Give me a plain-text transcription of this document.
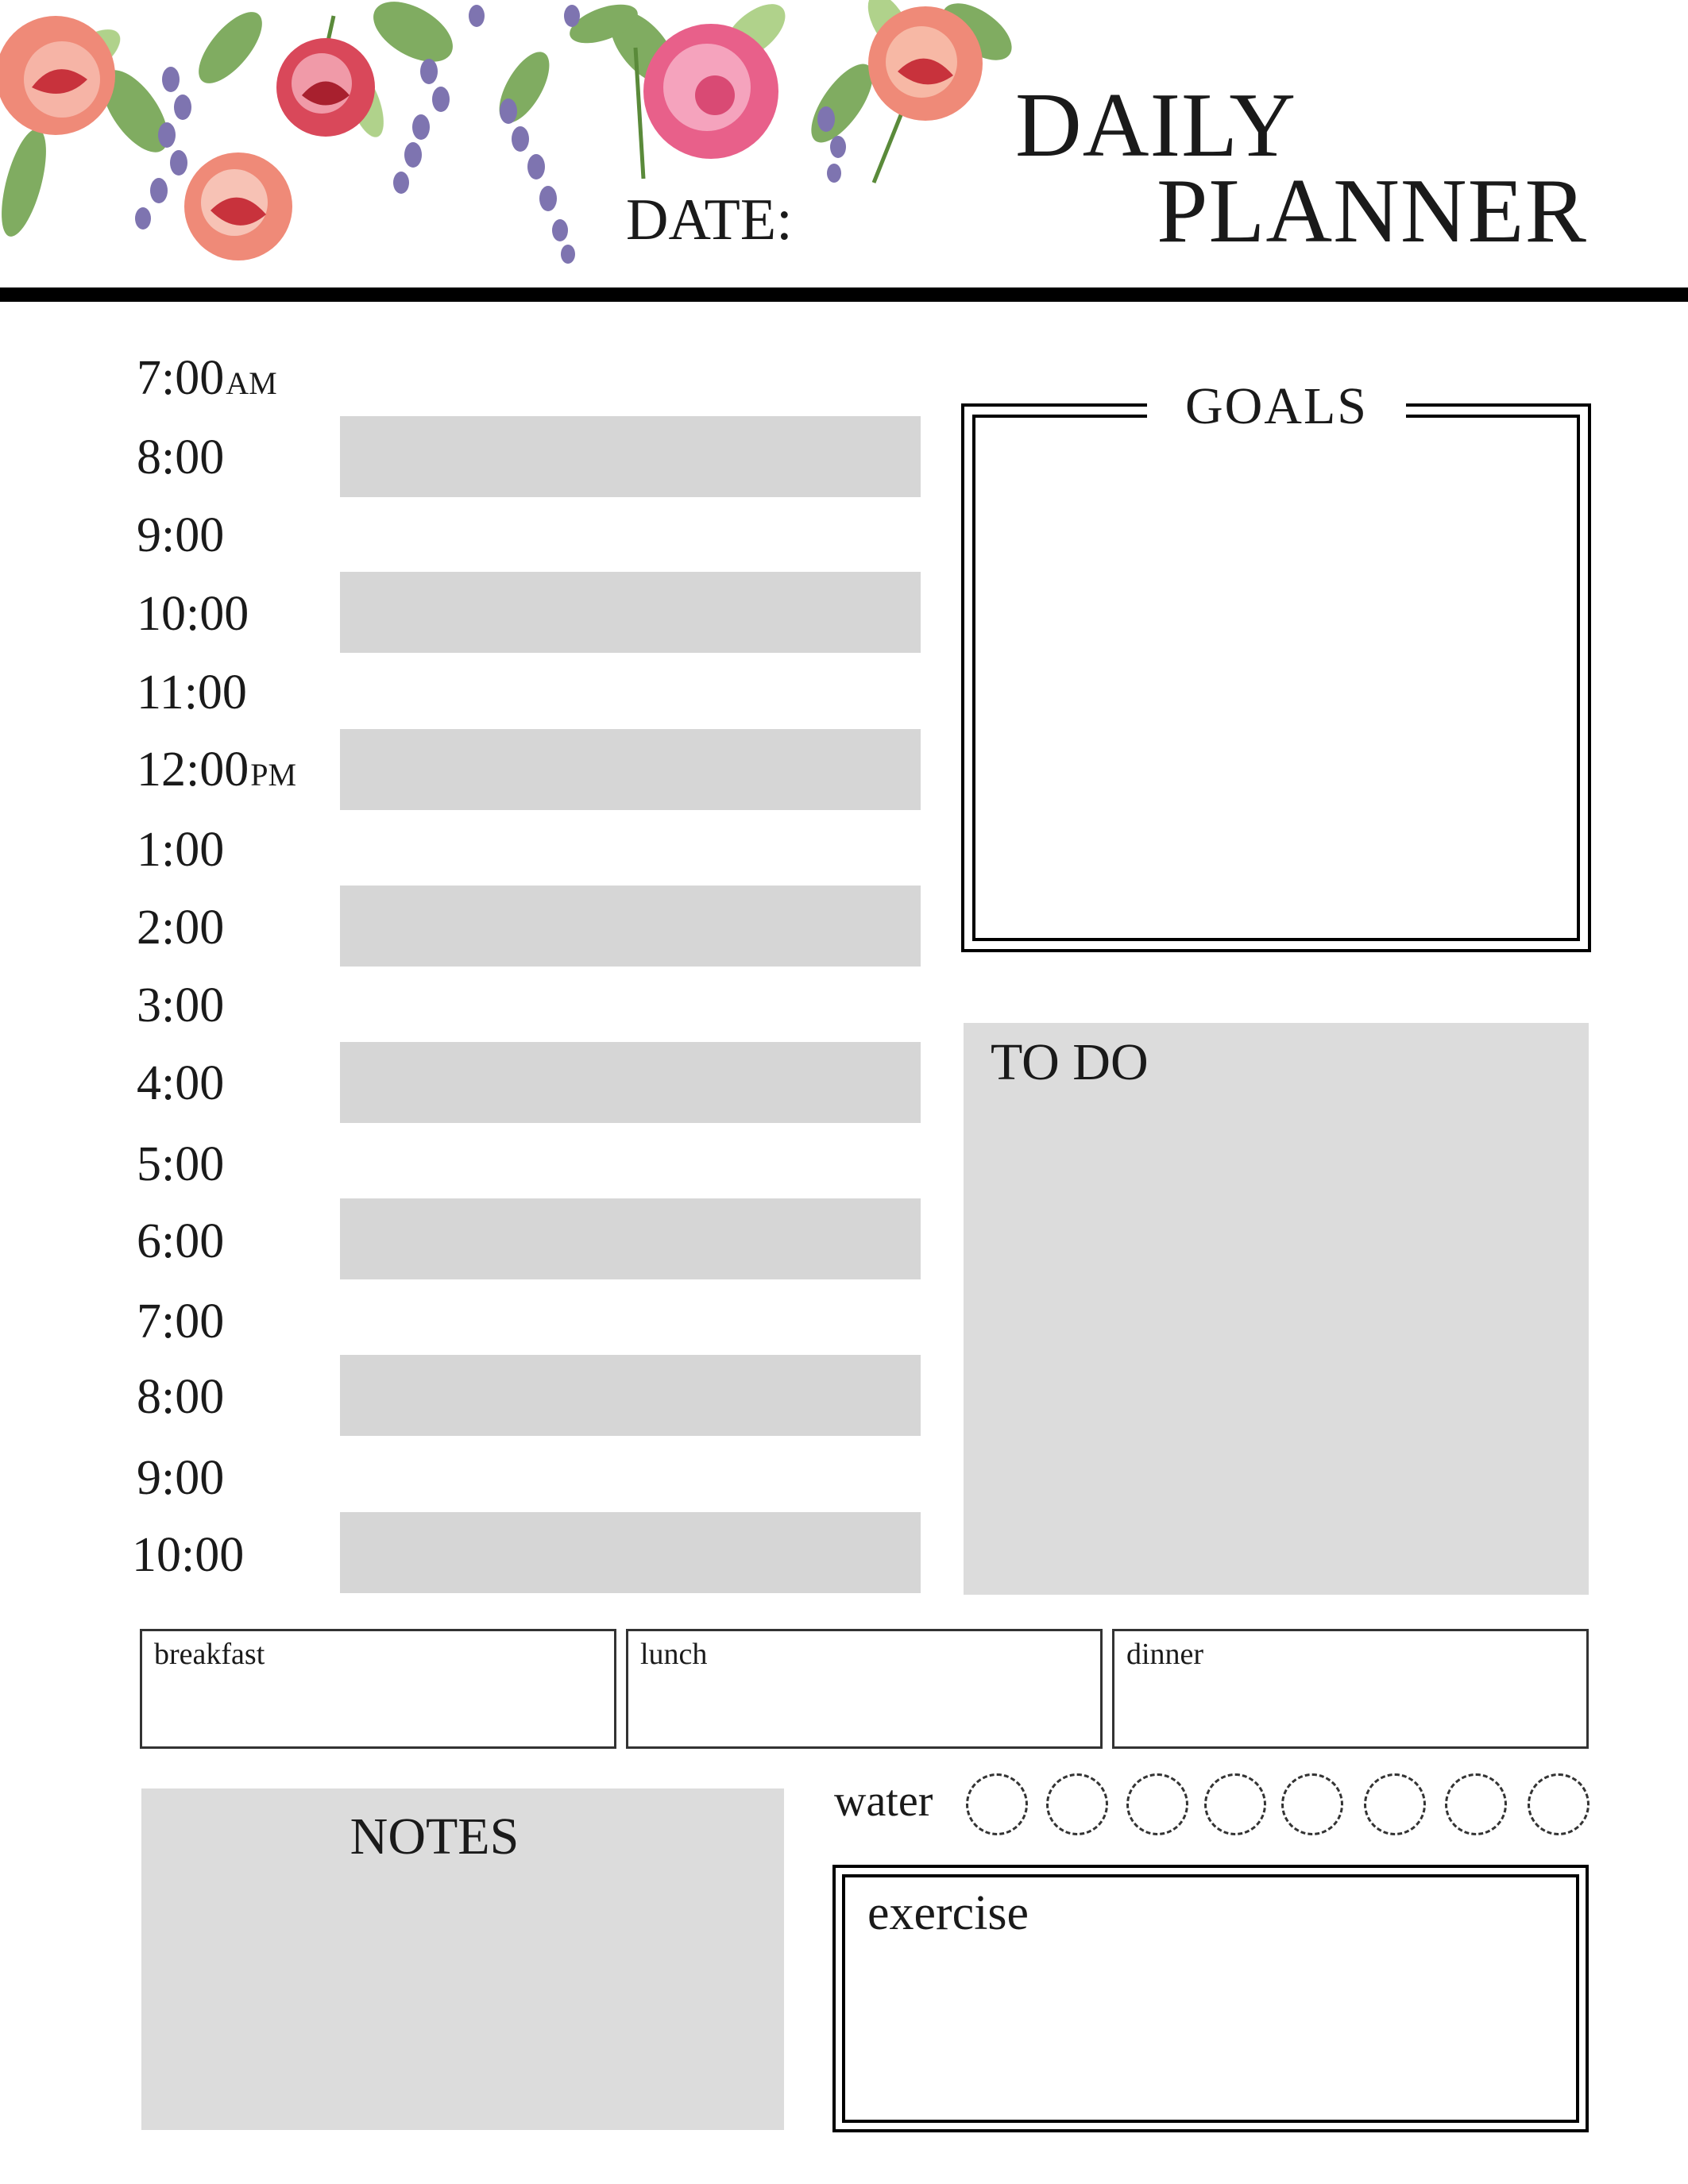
DAILY
PLANNER
DATE:
7:00AM
8:00
9:00
10:00
11:00
12:00PM
1:00
2:00
3:00
4:00
5:00
6:00
7:00
8:00
9:00
10:00
GOALS
TO DO
breakfast	lunch	dinner
NOTES
water
exercise
